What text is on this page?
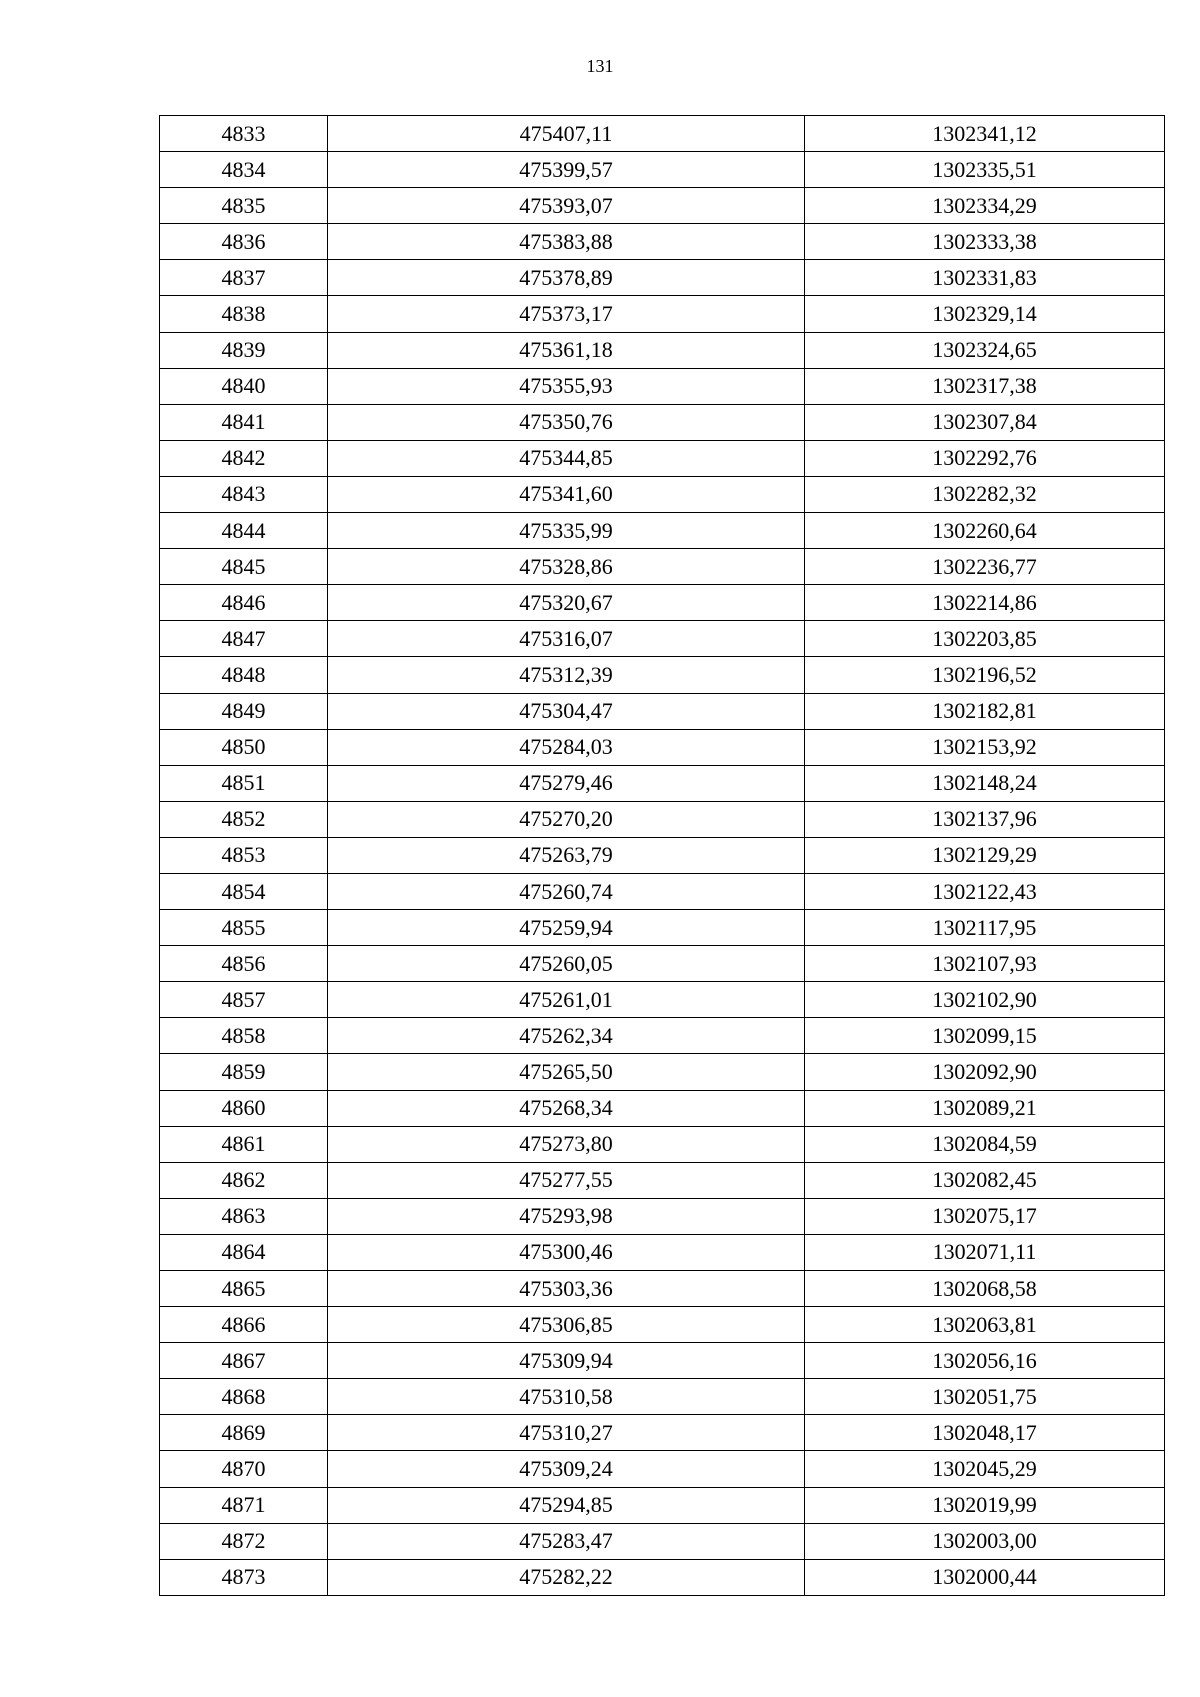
131
4833	475407,11	1302341,12
4834	475399,57	1302335,51
4835	475393,07	1302334,29
4836	475383,88	1302333,38
4837	475378,89	1302331,83
4838	475373,17	1302329,14
4839	475361,18	1302324,65
4840	475355,93	1302317,38
4841	475350,76	1302307,84
4842	475344,85	1302292,76
4843	475341,60	1302282,32
4844	475335,99	1302260,64
4845	475328,86	1302236,77
4846	475320,67	1302214,86
4847	475316,07	1302203,85
4848	475312,39	1302196,52
4849	475304,47	1302182,81
4850	475284,03	1302153,92
4851	475279,46	1302148,24
4852	475270,20	1302137,96
4853	475263,79	1302129,29
4854	475260,74	1302122,43
4855	475259,94	1302117,95
4856	475260,05	1302107,93
4857	475261,01	1302102,90
4858	475262,34	1302099,15
4859	475265,50	1302092,90
4860	475268,34	1302089,21
4861	475273,80	1302084,59
4862	475277,55	1302082,45
4863	475293,98	1302075,17
4864	475300,46	1302071,11
4865	475303,36	1302068,58
4866	475306,85	1302063,81
4867	475309,94	1302056,16
4868	475310,58	1302051,75
4869	475310,27	1302048,17
4870	475309,24	1302045,29
4871	475294,85	1302019,99
4872	475283,47	1302003,00
4873	475282,22	1302000,44
